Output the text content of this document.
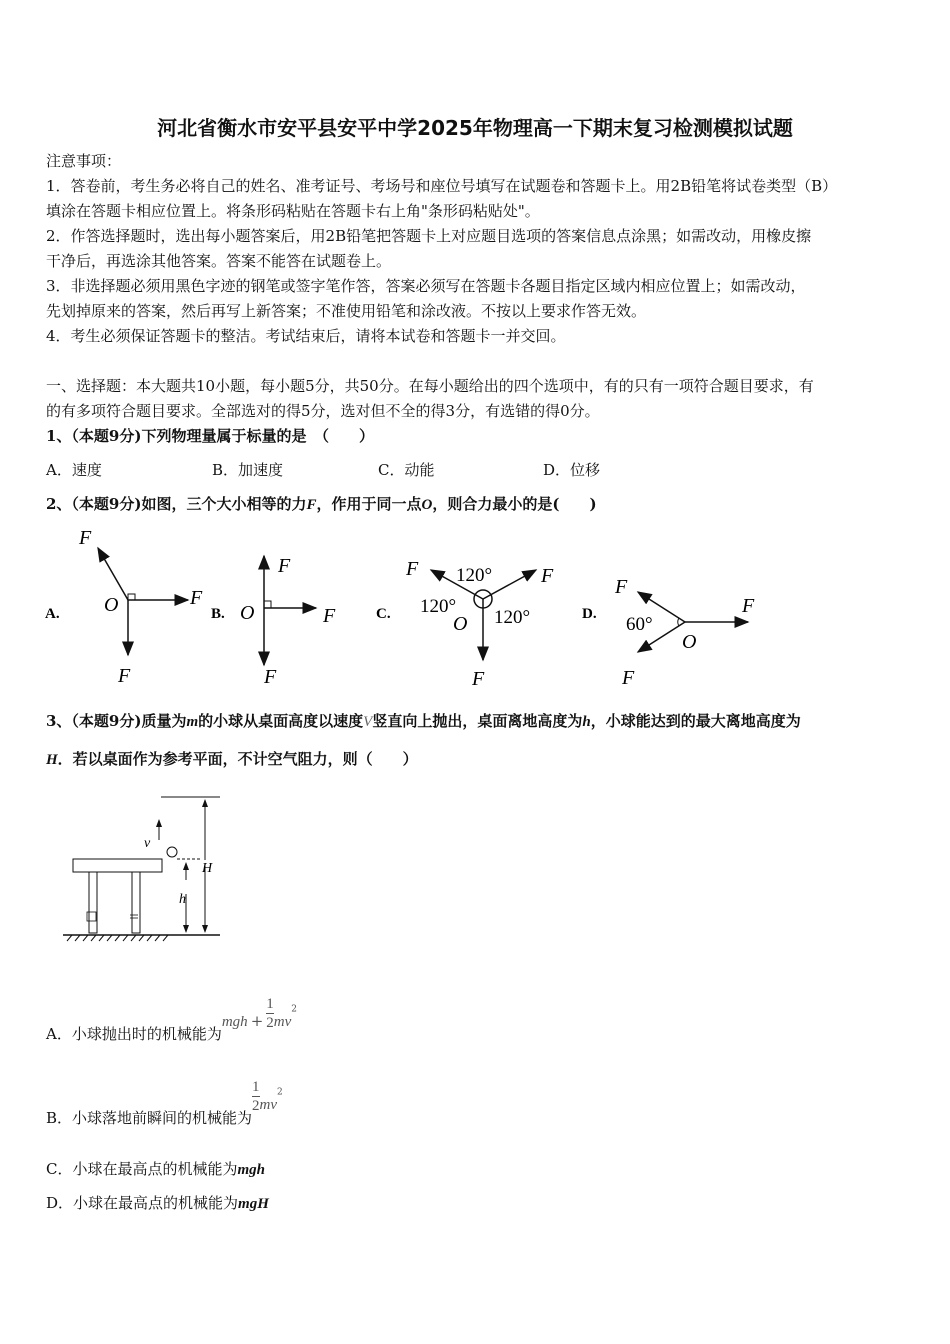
河北省衡水市安平县安平中学2025年物理高一下期末复习检测模拟试题
注意事项：
1．答卷前，考生务必将自己的姓名、准考证号、考场号和座位号填写在试题卷和答题卡上。用2B铅笔将试卷类型（B）
填涂在答题卡相应位置上。将条形码粘贴在答题卡右上角"条形码粘贴处"。
2．作答选择题时，选出每小题答案后，用2B铅笔把答题卡上对应题目选项的答案信息点涂黑；如需改动，用橡皮擦
干净后，再选涂其他答案。答案不能答在试题卷上。
3．非选择题必须用黑色字迹的钢笔或签字笔作答，答案必须写在答题卡各题目指定区域内相应位置上；如需改动，
先划掉原来的答案，然后再写上新答案；不准使用铅笔和涂改液。不按以上要求作答无效。
4．考生必须保证答题卡的整洁。考试结束后，请将本试卷和答题卡一并交回。
一、选择题：本大题共10小题，每小题5分，共50分。在每小题给出的四个选项中，有的只有一项符合题目要求，有
的有多项符合题目要求。全部选对的得5分，选对但不全的得3分，有选错的得0分。
1、（本题9分)下列物理量属于标量的是　（　　）
A．速度	B．加速度	C．动能	D．位移
2、（本题9分)如图，三个大小相等的力F，作用于同一点O，则合力最小的是(　　)
A.
F
F
F
O	B.
F
F
F
O	C.
F	F
F
O
120°
120°
120°	D.
F
F
F
O
60°
3、（本题9分)质量为m的小球从桌面高度以速度V竖直向上抛出，桌面离地高度为h，小球能达到的最大离地高度为
H．若以桌面作为参考平面，不计空气阻力，则（　　）
v
H
h
A．小球抛出时的机械能为mgh + $\frac{1}{2} mv^2$
B．小球落地前瞬间的机械能为
$\frac{1}{2} mv^2$
C．小球在最高点的机械能为mgh
D．小球在最高点的机械能为mgH
